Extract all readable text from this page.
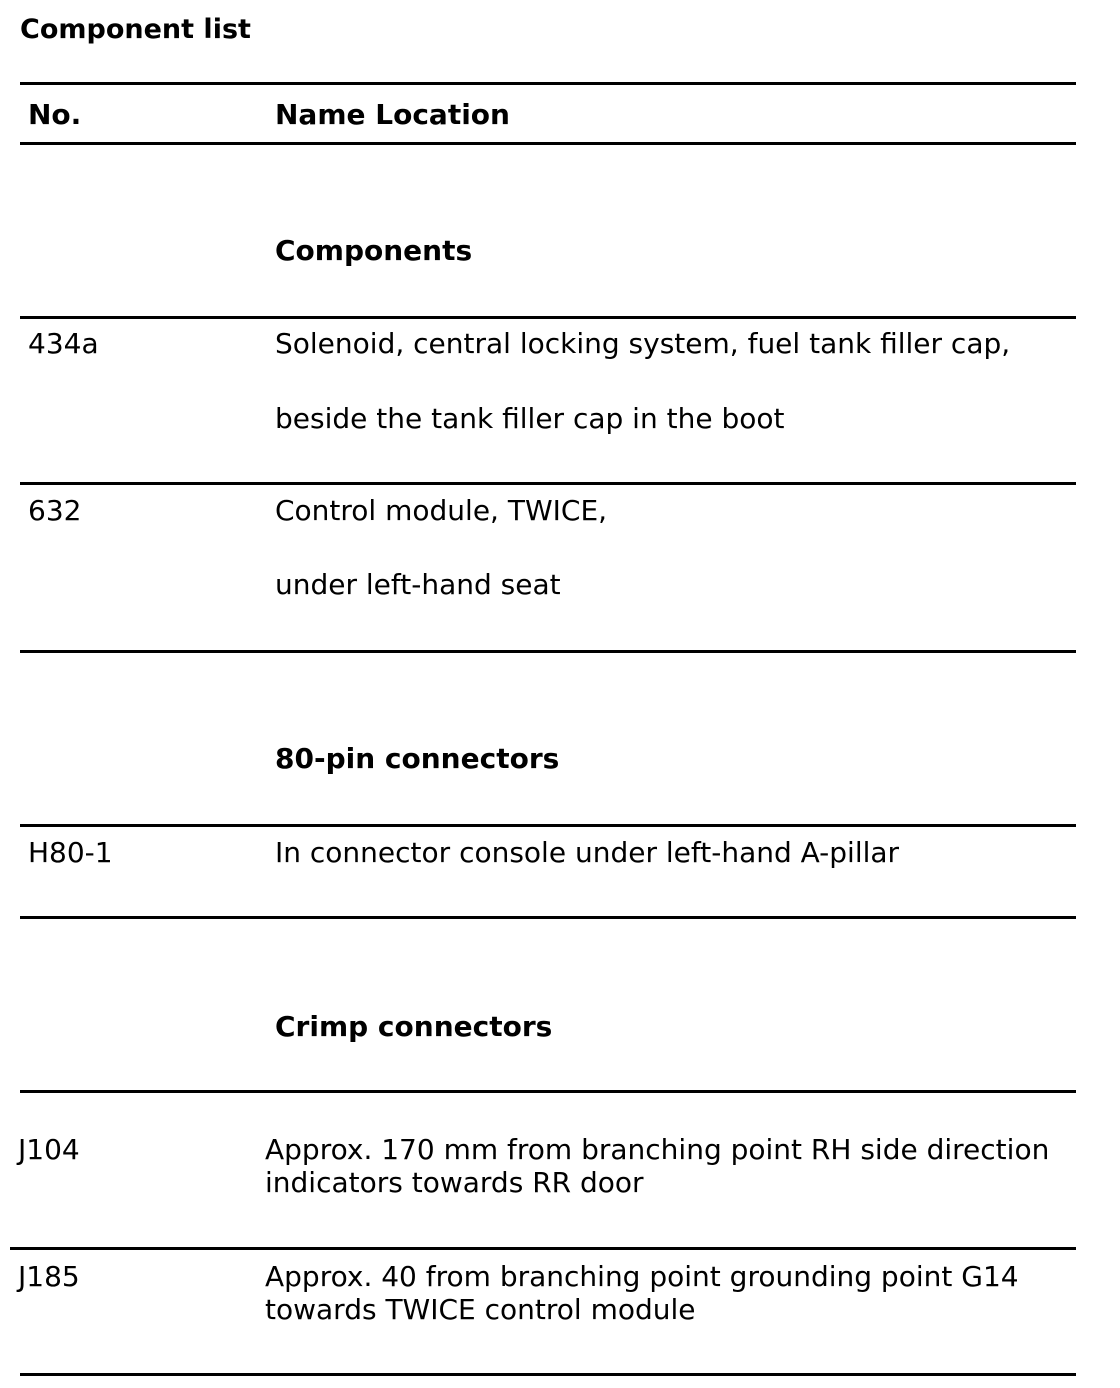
Component list
No.	Name Location
Components
434a	Solenoid, central locking system, fuel tank filler cap,
beside the tank filler cap in the boot
632	Control module, TWICE,
under left-hand seat
80-pin connectors
H80-1	In connector console under left-hand A-pillar
Crimp connectors
J104	Approx. 170 mm from branching point RH side direction
indicators towards RR door
J185	Approx. 40 from branching point grounding point G14
towards TWICE control module
